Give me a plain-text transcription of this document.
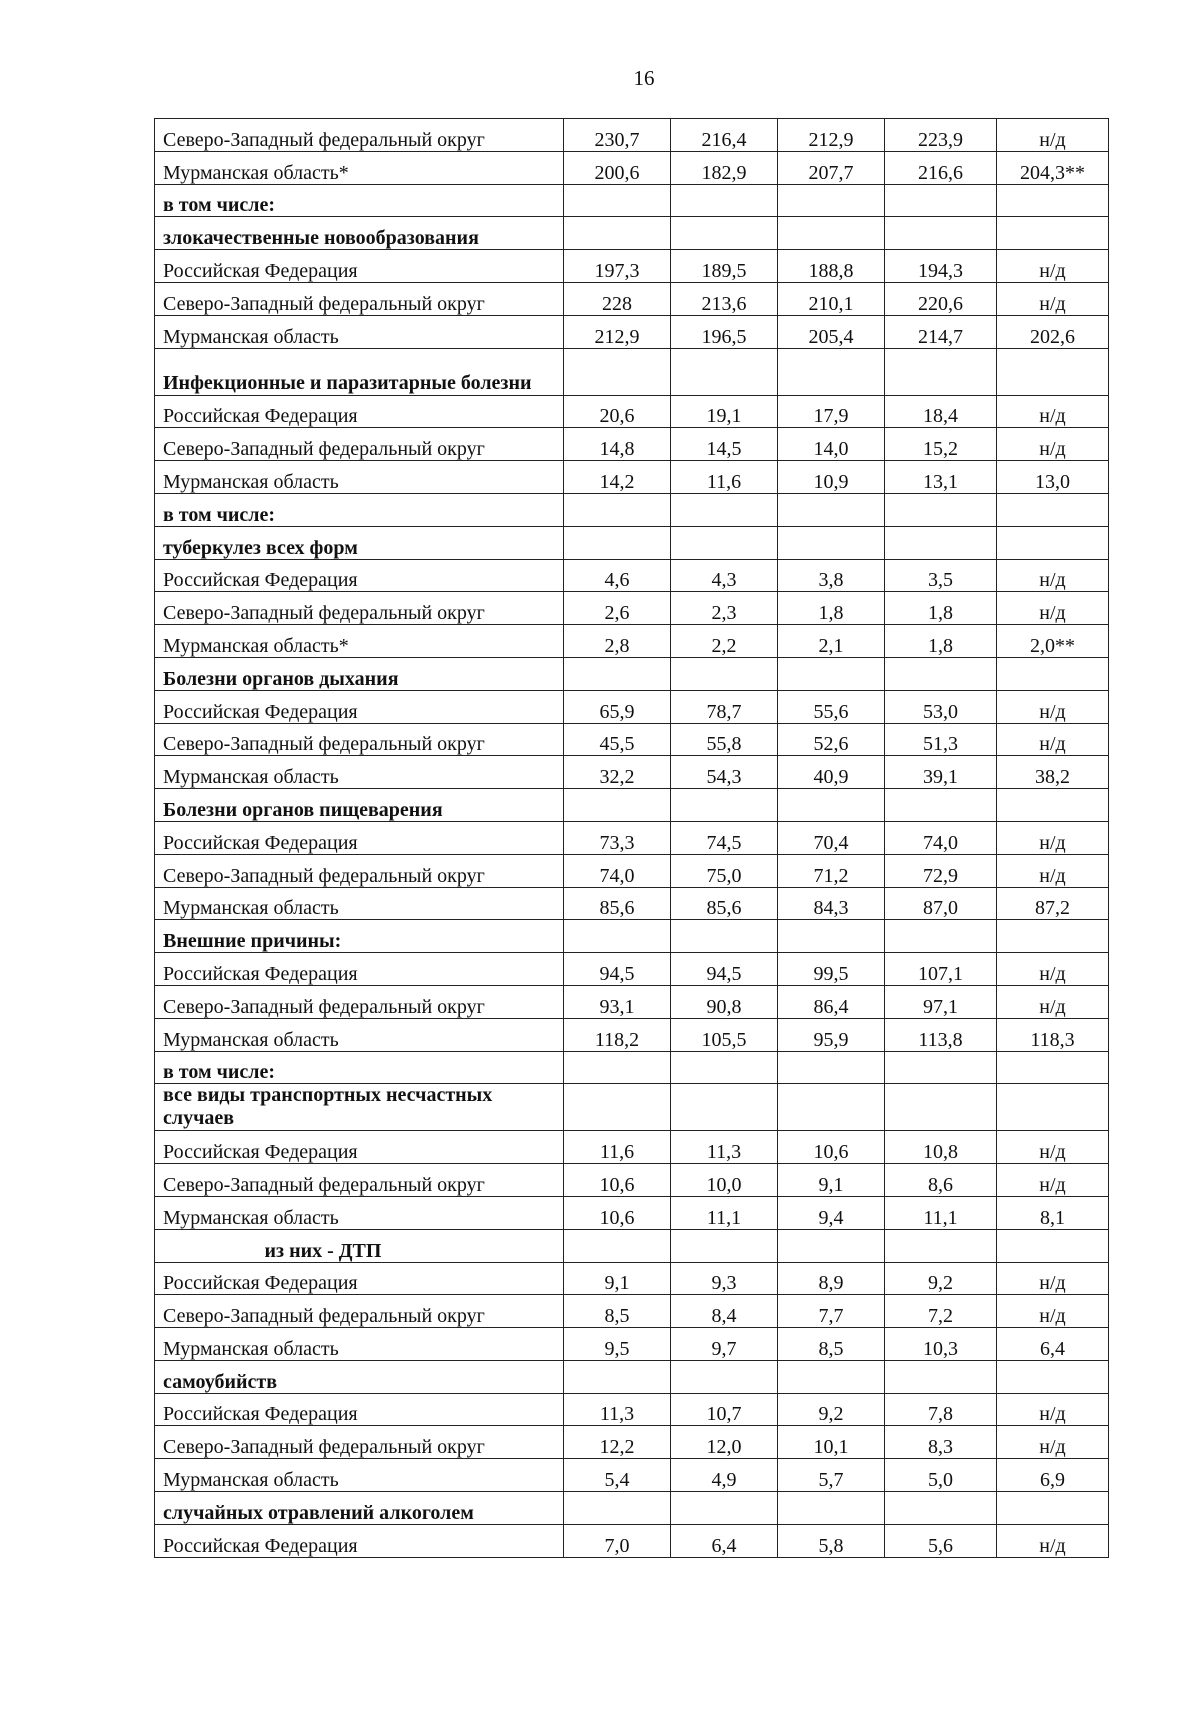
16
Северо-Западный федеральный округ	230,7	216,4	212,9	223,9	н/д
Мурманская область*	200,6	182,9	207,7	216,6	204,3**
в том числе:					
злокачественные новообразования					
Российская Федерация	197,3	189,5	188,8	194,3	н/д
Северо-Западный федеральный округ	228	213,6	210,1	220,6	н/д
Мурманская область	212,9	196,5	205,4	214,7	202,6
Инфекционные и паразитарные болезни					
Российская Федерация	20,6	19,1	17,9	18,4	н/д
Северо-Западный федеральный округ	14,8	14,5	14,0	15,2	н/д
Мурманская область	14,2	11,6	10,9	13,1	13,0
в том числе:					
туберкулез всех форм					
Российская Федерация	4,6	4,3	3,8	3,5	н/д
Северо-Западный федеральный округ	2,6	2,3	1,8	1,8	н/д
Мурманская область*	2,8	2,2	2,1	1,8	2,0**
Болезни органов дыхания					
Российская Федерация	65,9	78,7	55,6	53,0	н/д
Северо-Западный федеральный округ	45,5	55,8	52,6	51,3	н/д
Мурманская область	32,2	54,3	40,9	39,1	38,2
Болезни органов пищеварения					
Российская Федерация	73,3	74,5	70,4	74,0	н/д
Северо-Западный федеральный округ	74,0	75,0	71,2	72,9	н/д
Мурманская область	85,6	85,6	84,3	87,0	87,2
Внешние причины:					
Российская Федерация	94,5	94,5	99,5	107,1	н/д
Северо-Западный федеральный округ	93,1	90,8	86,4	97,1	н/д
Мурманская область	118,2	105,5	95,9	113,8	118,3
в том числе:					
все виды транспортных несчастных случаев					
Российская Федерация	11,6	11,3	10,6	10,8	н/д
Северо-Западный федеральный округ	10,6	10,0	9,1	8,6	н/д
Мурманская область	10,6	11,1	9,4	11,1	8,1
из них - ДТП					
Российская Федерация	9,1	9,3	8,9	9,2	н/д
Северо-Западный федеральный округ	8,5	8,4	7,7	7,2	н/д
Мурманская область	9,5	9,7	8,5	10,3	6,4
самоубийств					
Российская Федерация	11,3	10,7	9,2	7,8	н/д
Северо-Западный федеральный округ	12,2	12,0	10,1	8,3	н/д
Мурманская область	5,4	4,9	5,7	5,0	6,9
случайных отравлений алкоголем					
Российская Федерация	7,0	6,4	5,8	5,6	н/д
